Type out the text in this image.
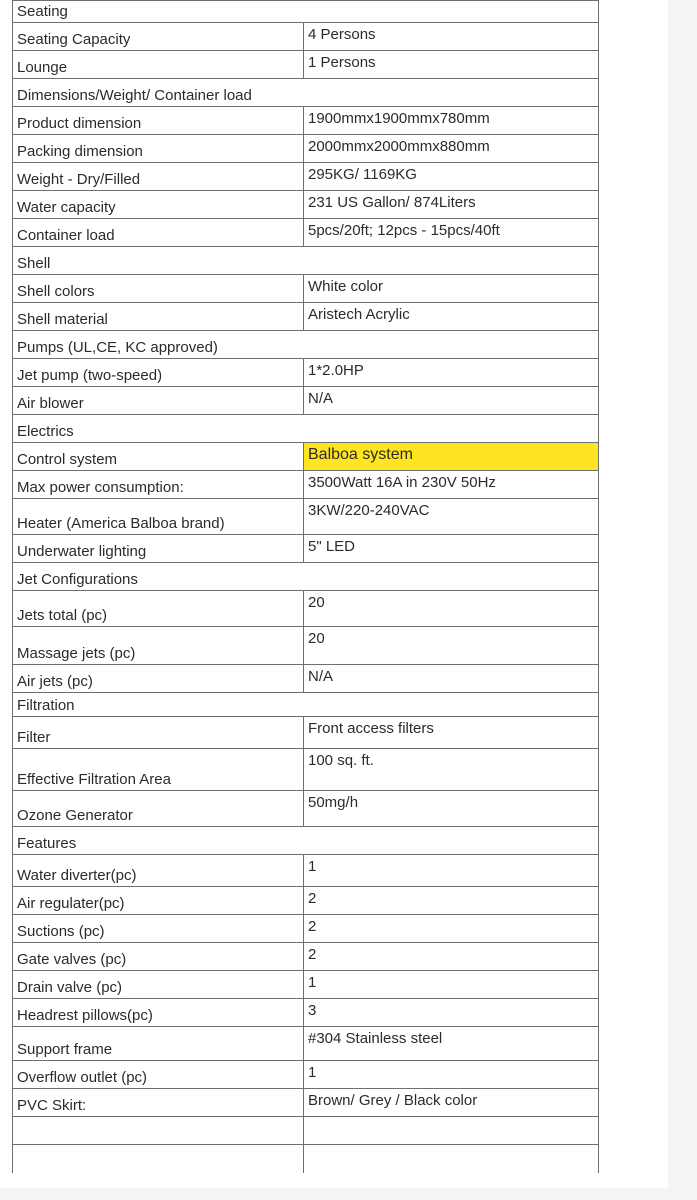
Seating	
Seating Capacity	4 Persons
Lounge	1 Persons
Dimensions/Weight/ Container load	
Product dimension	1900mmx1900mmx780mm
Packing dimension	2000mmx2000mmx880mm
Weight - Dry/Filled	295KG/ 1169KG
Water capacity	231 US Gallon/ 874Liters
Container load	5pcs/20ft; 12pcs - 15pcs/40ft
Shell	
Shell colors	White color
Shell material	Aristech Acrylic
Pumps (UL,CE, KC approved)	
Jet pump (two-speed)	1*2.0HP
Air blower	N/A
Electrics	
Control system	Balboa system
Max power consumption:	3500Watt 16A in 230V 50Hz
Heater (America Balboa brand)	3KW/220-240VAC
Underwater lighting	5" LED
Jet Configurations	
Jets total (pc)	20
Massage jets (pc)	20
Air jets (pc)	N/A
Filtration	
Filter	Front access filters
Effective Filtration Area	100 sq. ft.
Ozone Generator	50mg/h
Features	
Water diverter(pc)	1
Air regulater(pc)	2
Suctions (pc)	2
Gate valves (pc)	2
Drain valve (pc)	1
Headrest pillows(pc)	3
Support frame	#304 Stainless steel
Overflow outlet (pc)	1
PVC Skirt:	Brown/ Grey / Black color
